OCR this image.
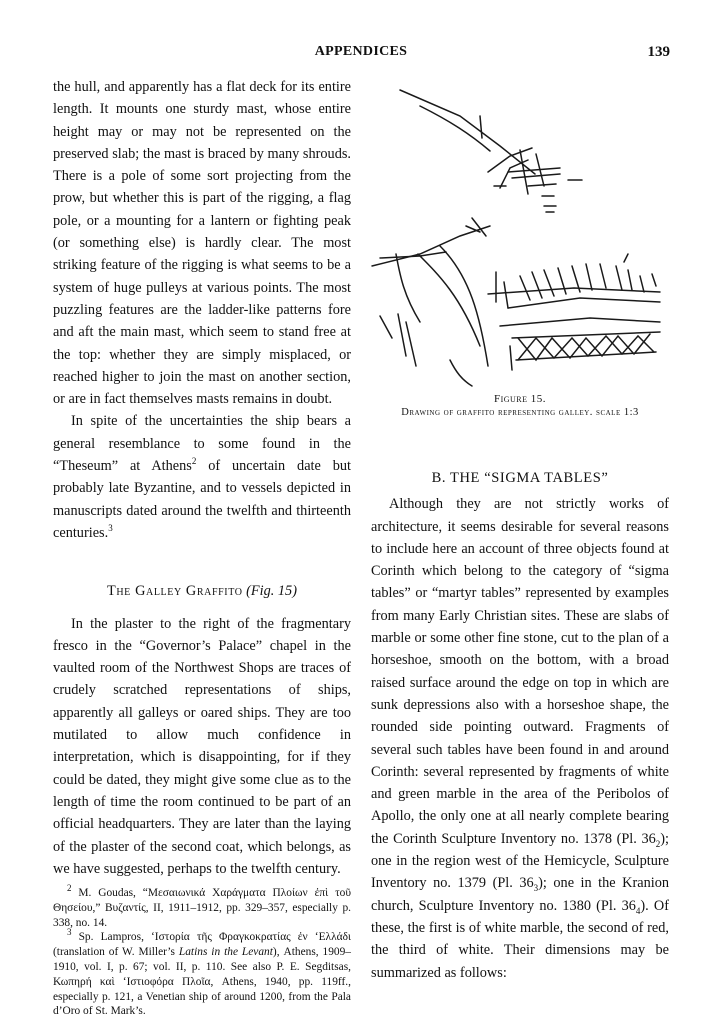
APPENDICES	139

the hull, and apparently has a flat deck for its entire length. It mounts one sturdy mast, whose entire height may or may not be represented on the preserved slab; the mast is braced by many shrouds. There is a pole of some sort projecting from the prow, but whether this is part of the rigging, a flag pole, or a mounting for a lantern or fighting peak (or something else) is hardly clear. The most striking feature of the rigging is what seems to be a system of huge pulleys at various points. The most puzzling features are the ladder-like patterns fore and aft the main mast, which seem to stand free at the top: whether they are simply misplaced, or reached higher to join the mast on another section, or are in fact themselves masts remains in doubt.

In spite of the uncertainties the ship bears a general resemblance to some found in the “Theseum” at Athens$^2$ of uncertain date but probably late Byzantine, and to vessels depicted in manuscripts dated around the twelfth and thirteenth centuries.$^3$

The Galley Graffito (Fig. 15)

In the plaster to the right of the fragmentary fresco in the “Governor’s Palace” chapel in the vaulted room of the Northwest Shops are traces of crudely scratched representations of ships, apparently all galleys or oared ships. They are too mutilated to allow much confidence in interpretation, which is disappointing, for if they could be dated, they might give some clue as to the length of time the room continued to be part of an official headquarters. They are later than the laying of the plaster of the second coat, which belongs, as we have suggested, perhaps to the twelfth century.

$^2$ M. Goudas, “Μεσαιωνικά Χαράγματα Πλοίων ἐπὶ τοῦ Θησείου,” Βυζαντίς, II, 1911–1912, pp. 329–357, especially p. 338, no. 14.

$^3$ Sp. Lampros, ‘Ιστορία τῆς Φραγκοκρατίας ἐν ‘Ελλάδι (translation of W. Miller’s Latins in the Levant), Athens, 1909–1910, vol. I, p. 67; vol. II, p. 110. See also P. E. Segditsas, Κωπηρή καὶ ‘Ιστιοφόρα Πλοῖα, Athens, 1940, pp. 119ff., especially p. 121, a Venetian ship of around 1200, from the Pala d’Oro of St. Mark’s.

Figure 15.
Drawing of graffito representing galley. scale 1:3

B. THE “SIGMA TABLES”

Although they are not strictly works of architecture, it seems desirable for several reasons to include here an account of three objects found at Corinth which belong to the category of “sigma tables” or “martyr tables” represented by examples from many Early Christian sites. These are slabs of marble or some other fine stone, cut to the plan of a horseshoe, smooth on the bottom, with a broad raised surface around the edge on top in which are sunk depressions also with a horseshoe shape, the rounded side pointing outward. Fragments of several such tables have been found in and around Corinth: several represented by fragments of white and green marble in the area of the Peribolos of Apollo, the only one at all nearly complete bearing the Corinth Sculpture Inventory no. 1378 (Pl. $36_2$); one in the region west of the Hemicycle, Sculpture Inventory no. 1379 (Pl. $36_3$); one in the Kranion church, Sculpture Inventory no. 1380 (Pl. $36_4$). Of these, the first is of white marble, the second of red, the third of white. Their dimensions may be summarized as follows:
